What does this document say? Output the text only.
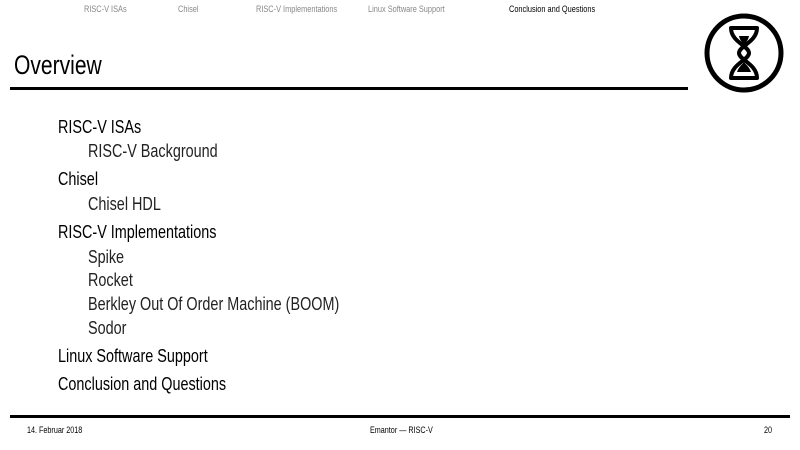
RISC-V ISAs	Chisel	RISC-V Implementations	Linux Software Support	Conclusion and Questions
Overview
RISC-V ISAs
RISC-V Background
Chisel
Chisel HDL
RISC-V Implementations
Spike
Rocket
Berkley Out Of Order Machine (BOOM)
Sodor
Linux Software Support
Conclusion and Questions
14. Februar 2018	Emantor — RISC-V	20
